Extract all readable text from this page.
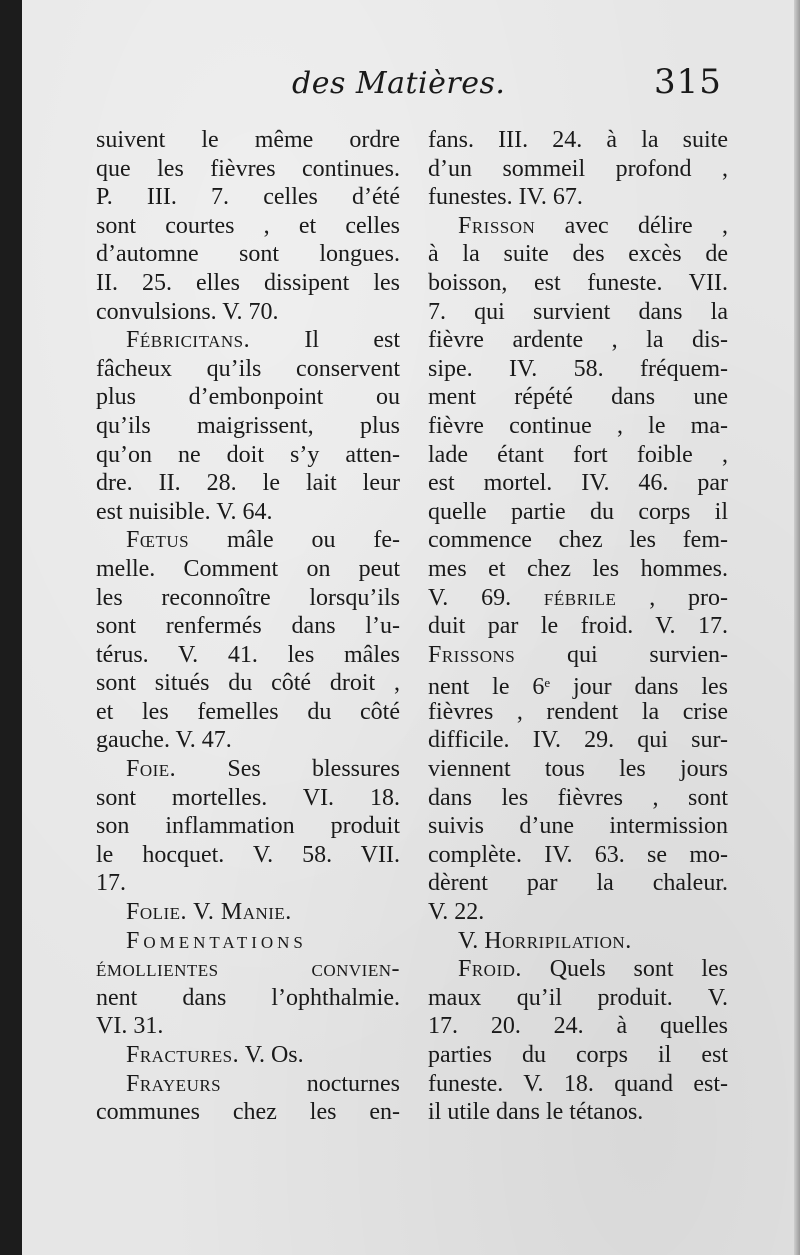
des Matières.	315
suivent le même ordre
que les fièvres continues.
P. III. 7. celles d’été
sont courtes , et celles
d’automne sont longues.
II. 25. elles dissipent les
convulsions. V. 70.
Fébricitans. Il est
fâcheux qu’ils conservent
plus d’embonpoint ou
qu’ils maigrissent, plus
qu’on ne doit s’y atten-
dre. II. 28. le lait leur
est nuisible. V. 64.
Fœtus mâle ou fe-
melle. Comment on peut
les reconnoître lorsqu’ils
sont renfermés dans l’u-
térus. V. 41. les mâles
sont situés du côté droit ,
et les femelles du côté
gauche. V. 47.
Foie. Ses blessures
sont mortelles. VI. 18.
son inflammation produit
le hocquet. V. 58. VII.
17.
Folie. V. Manie.
Fomentations
émollientes convien-
nent dans l’ophthalmie.
VI. 31.
Fractures. V. Os.
Frayeurs nocturnes
communes chez les en-
fans. III. 24. à la suite
d’un sommeil profond ,
funestes. IV. 67.
Frisson avec délire ,
à la suite des excès de
boisson, est funeste. VII.
7. qui survient dans la
fièvre ardente , la dis-
sipe. IV. 58. fréquem-
ment répété dans une
fièvre continue , le ma-
lade étant fort foible ,
est mortel. IV. 46. par
quelle partie du corps il
commence chez les fem-
mes et chez les hommes.
V. 69. fébrile , pro-
duit par le froid. V. 17.
Frissons qui survien-
nent le 6e jour dans les
fièvres , rendent la crise
difficile. IV. 29. qui sur-
viennent tous les jours
dans les fièvres , sont
suivis d’une intermission
complète. IV. 63. se mo-
dèrent par la chaleur.
V. 22.
V. Horripilation.
Froid. Quels sont les
maux qu’il produit. V.
17. 20. 24. à quelles
parties du corps il est
funeste. V. 18. quand est-
il utile dans le tétanos.
